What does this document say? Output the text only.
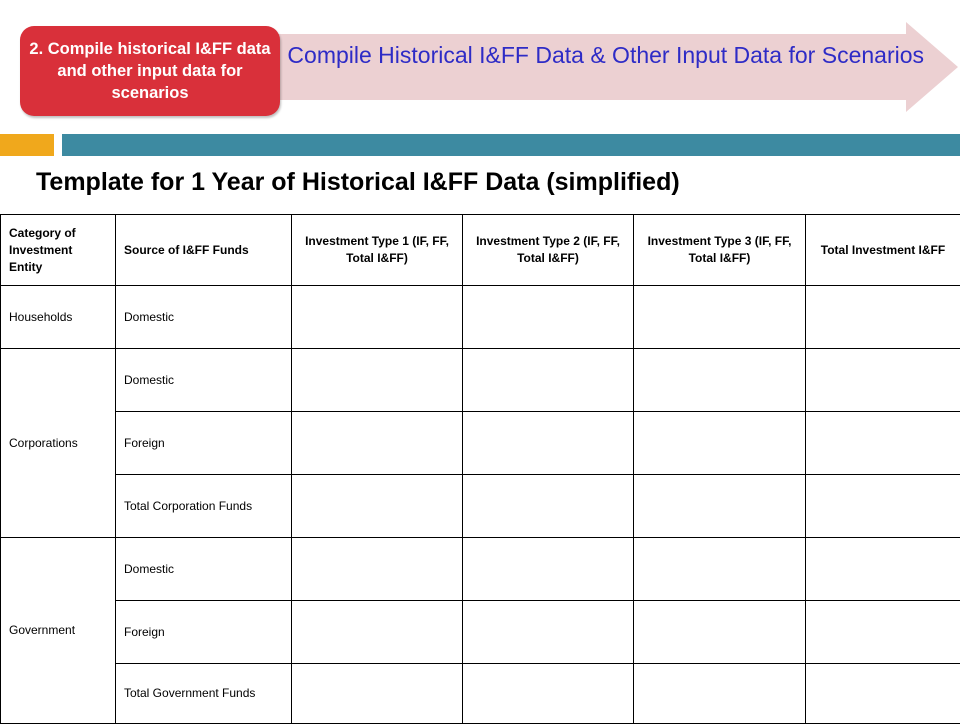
Compile Historical I&FF Data & Other Input Data for Scenarios
2. Compile historical I&FF data and other input data for scenarios
Template for 1 Year of Historical I&FF Data (simplified)
Category of Investment Entity	Source of I&FF Funds	Investment Type 1 (IF, FF, Total I&FF)	Investment Type 2 (IF, FF, Total I&FF)	Investment Type 3 (IF, FF, Total I&FF)	Total Investment I&FF
Households	Domestic				
Corporations	Domestic				
	Foreign				
	Total Corporation Funds				
Government	Domestic				
	Foreign				
	Total Government Funds				
